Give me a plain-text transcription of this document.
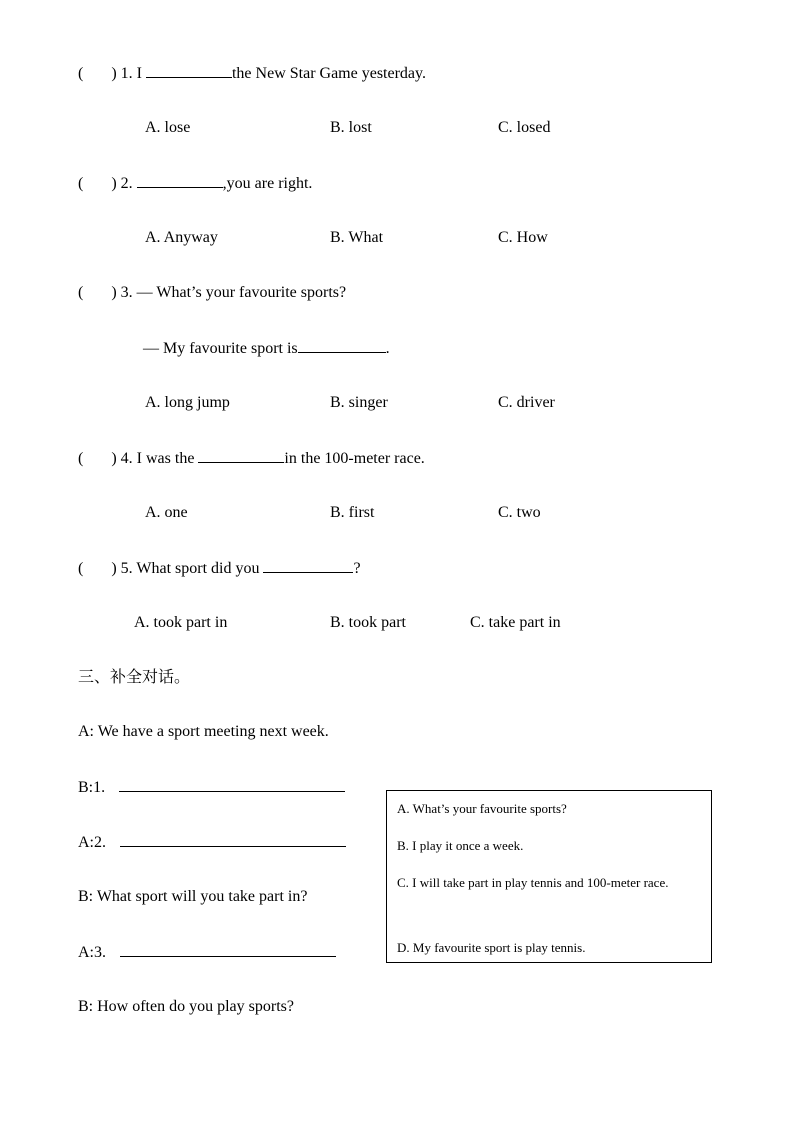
( ) 1. I	the New Star Game yesterday.
A. lose	B. lost	C. losed
( ) 2.	,you are right.
A. Anyway	B. What	C. How
( ) 3. — What’s your favourite sports?
— My favourite sport is	.
A. long jump	B. singer	C. driver
( ) 4. I was the	in the 100-meter race.
A. one	B. first	C. two
( ) 5. What sport did you	?
A. took part in	B. took part	C. take part in
三、补全对话。
A: We have a sport meeting next week.
B:1.
A:2.
B: What sport will you take part in?
A:3.
B: How often do you play sports?
A. What’s your favourite sports?
B. I play it once a week.
C. I will take part in play tennis and 100-meter race.
D. My favourite sport is play tennis.
